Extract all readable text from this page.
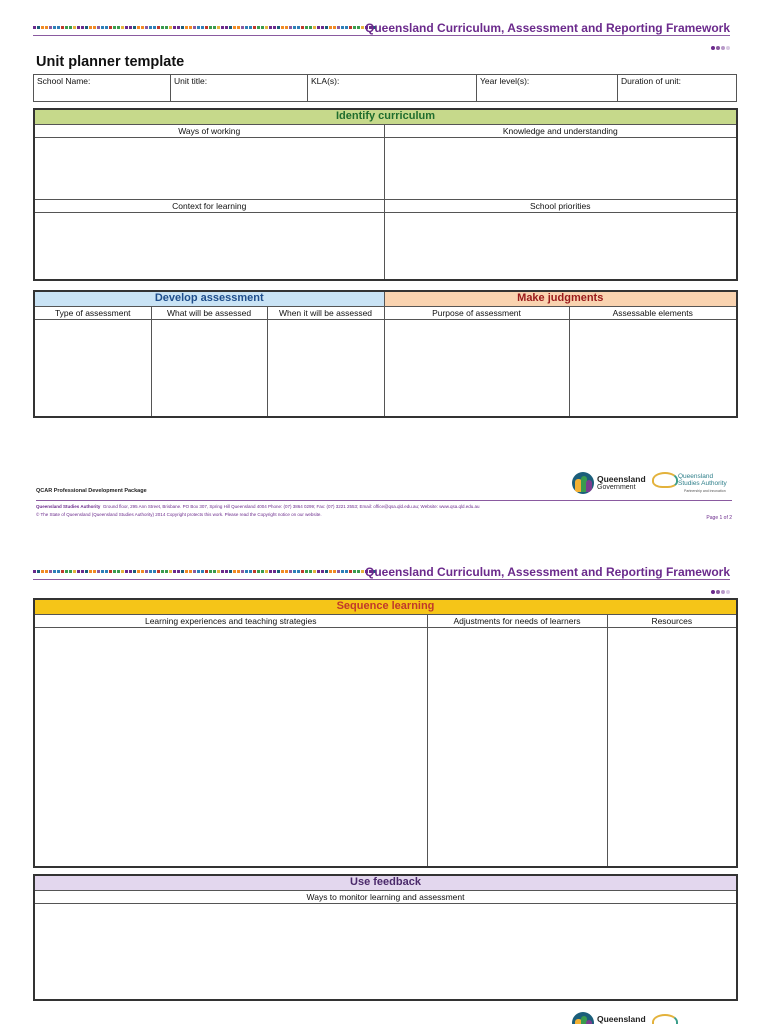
Queensland Curriculum, Assessment and Reporting Framework
Unit planner template
School Name:	Unit title:	KLA(s):	Year level(s):	Duration of unit:
Identify curriculum	
Ways of working	Knowledge and understanding

Context for learning	School priorities

Develop assessment			Make judgments	
Type of assessment	What will be assessed	When it will be assessed	Purpose of assessment	Assessable elements

Queensland
Government
Queensland
Studies Authority
Partnership and innovation
QCAR Professional Development Package
Queensland Studies Authority Ground floor, 295 Ann Street, Brisbane. PO Box 307, Spring Hill Queensland 4004 Phone: (07) 3864 0299; Fax: (07) 3221 2553; Email: office@qsa.qld.edu.au; Website: www.qsa.qld.edu.au
© The State of Queensland (Queensland Studies Authority) 2014 Copyright protects this work. Please read the Copyright notice on our website.
Page 1 of 2
Queensland Curriculum, Assessment and Reporting Framework
Sequence learning		
Learning experiences and teaching strategies	Adjustments for needs of learners	Resources

Use feedback
Ways to monitor learning and assessment

Queensland
